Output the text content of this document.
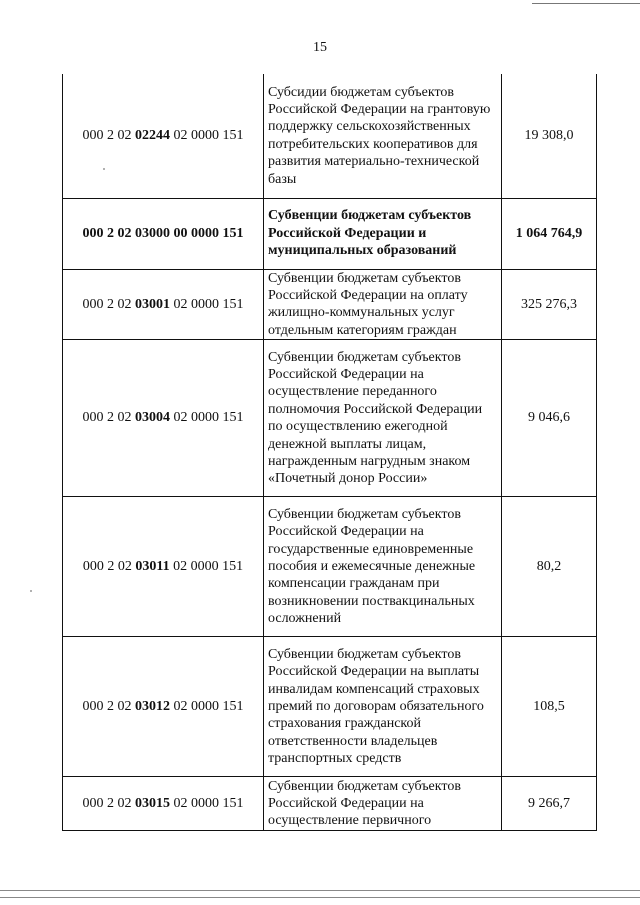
15
000 2 02 02244 02 0000 151	Субсидии бюджетам субъектов Российской Федерации на грантовую поддержку сельскохозяйственных потребительских кооперативов для развития материально-технической базы	19 308,0
000 2 02 03000 00 0000 151	Субвенции бюджетам субъектов Российской Федерации и муниципальных образований	1 064 764,9
000 2 02 03001 02 0000 151	Субвенции бюджетам субъектов Российской Федерации на оплату жилищно-коммунальных услуг отдельным категориям граждан	325 276,3
000 2 02 03004 02 0000 151	Субвенции бюджетам субъектов Российской Федерации на осуществление переданного полномочия Российской Федерации по осуществлению ежегодной денежной выплаты лицам, награжденным нагрудным знаком «Почетный донор России»	9 046,6
000 2 02 03011 02 0000 151	Субвенции бюджетам субъектов Российской Федерации на государственные единовременные пособия и ежемесячные денежные компенсации гражданам при возникновении поствакцинальных осложнений	80,2
000 2 02 03012 02 0000 151	Субвенции бюджетам субъектов Российской Федерации на выплаты инвалидам компенсаций страховых премий по договорам обязательного страхования гражданской ответственности владельцев транспортных средств	108,5
000 2 02 03015 02 0000 151	Субвенции бюджетам субъектов Российской Федерации на осуществление первичного	9 266,7
